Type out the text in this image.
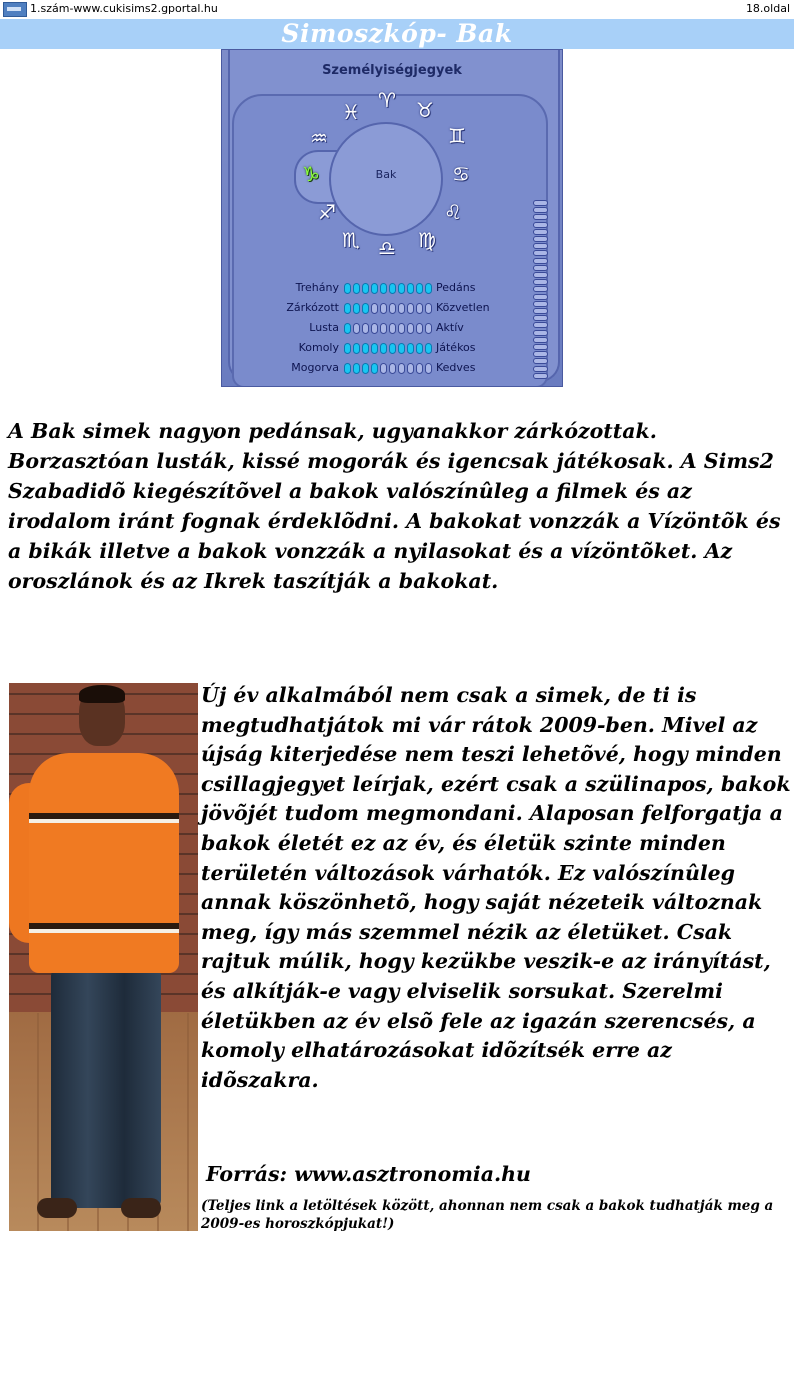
1.szám-www.cukisims2.gportal.hu	18.oldal
Simoszkóp- Bak
Személyiségjegyek
Bak
♑
♓ ♈ ♉
♊
♋
♌
♍
♎
♏
♐
♒
Trehány	Pedáns
Zárkózott	Közvetlen
Lusta	Aktív
Komoly	Játékos
Mogorva	Kedves
A Bak simek nagyon pedánsak, ugyanakkor zárkózottak. Borzasztóan lusták, kissé mogorák és igencsak játékosak. A Sims2 Szabadidõ kiegészítõvel a bakok valószínûleg a filmek és az irodalom iránt fognak érdeklõdni. A bakokat vonzzák a Vízöntõk és a bikák illetve a bakok vonzzák a nyilasokat és a vízöntõket. Az oroszlánok és az Ikrek taszítják a bakokat.
Új év alkalmából nem csak a simek, de ti is megtudhatjátok mi vár rátok 2009-ben. Mivel az újság kiterjedése nem teszi lehetõvé, hogy minden csillagjegyet leírjak, ezért csak a szülinapos, bakok jövõjét tudom megmondani. Alaposan felforgatja a bakok életét ez az év, és életük szinte minden területén változások várhatók. Ez valószínûleg annak köszönhetõ, hogy saját nézeteik változnak meg, így más szemmel nézik az életüket. Csak rajtuk múlik, hogy kezükbe veszik-e az irányítást, és alkítják-e vagy elviselik sorsukat. Szerelmi életükben az év elsõ fele az igazán szerencsés, a komoly elhatározásokat idõzítsék erre az idõszakra.
Forrás: www.asztronomia.hu
(Teljes link a letöltések között, ahonnan nem csak a bakok tudhatják meg a 2009-es horoszkópjukat!)
